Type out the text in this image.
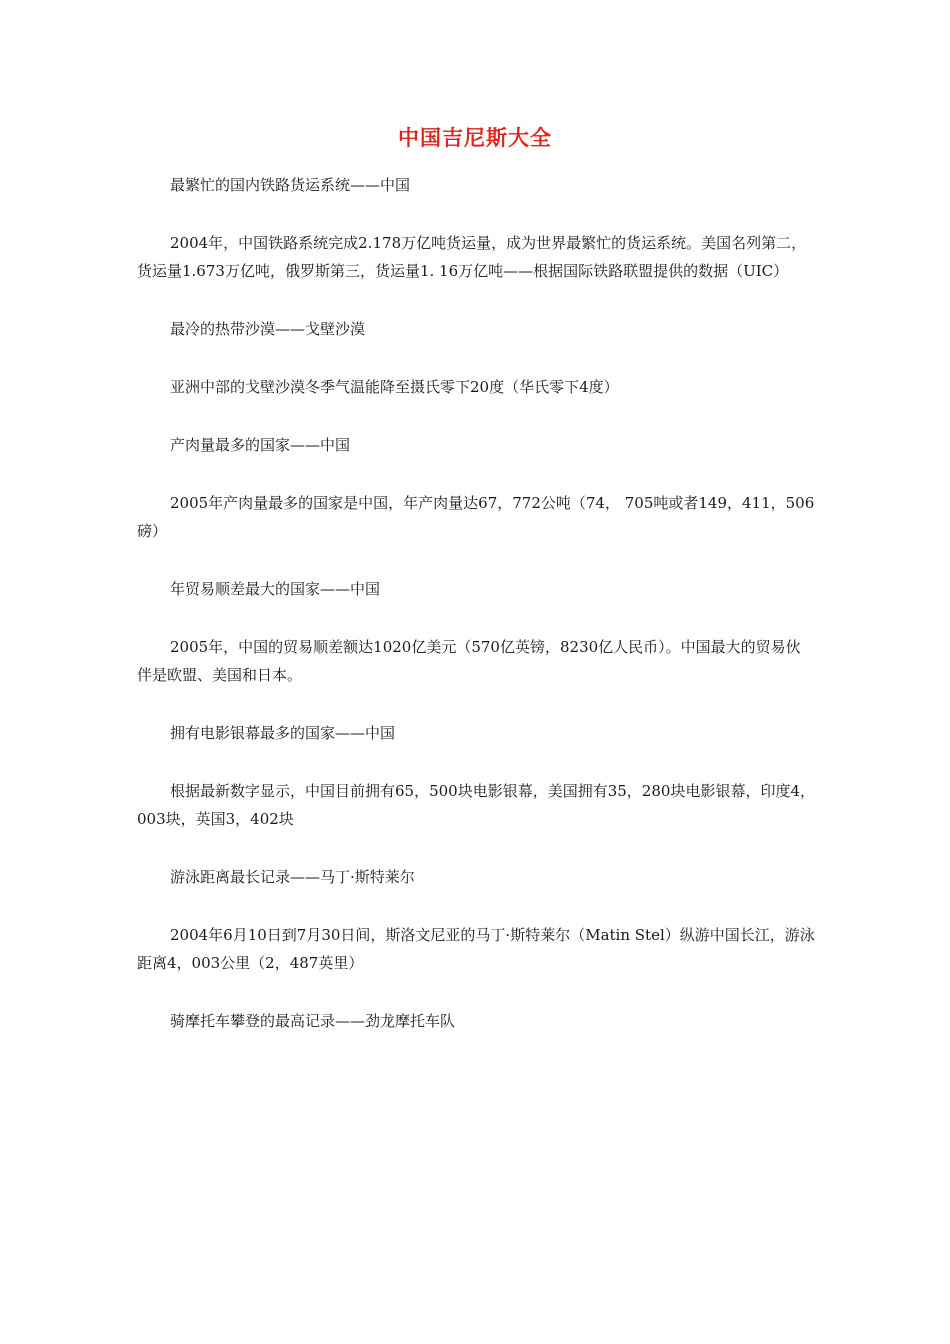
中国吉尼斯大全

最繁忙的国内铁路货运系统——中国

2004年，中国铁路系统完成2.178万亿吨货运量，成为世界最繁忙的货运系统。美国名列第二，货运量1.673万亿吨，俄罗斯第三，货运量1. 16万亿吨——根据国际铁路联盟提供的数据（UIC）

最冷的热带沙漠——戈壁沙漠

亚洲中部的戈壁沙漠冬季气温能降至摄氏零下20度（华氏零下4度）

产肉量最多的国家——中国

2005年产肉量最多的国家是中国，年产肉量达67，772公吨（74， 705吨或者149，411，506磅）

年贸易顺差最大的国家——中国

2005年，中国的贸易顺差额达1020亿美元（570亿英镑，8230亿人民币）。中国最大的贸易伙伴是欧盟、美国和日本。

拥有电影银幕最多的国家——中国

根据最新数字显示，中国目前拥有65，500块电影银幕，美国拥有35，280块电影银幕，印度4，003块，英国3，402块

游泳距离最长记录——马丁·斯特莱尔

2004年6月10日到7月30日间，斯洛文尼亚的马丁·斯特莱尔（Matin Stel）纵游中国长江，游泳距离4，003公里（2，487英里）

骑摩托车攀登的最高记录——劲龙摩托车队
